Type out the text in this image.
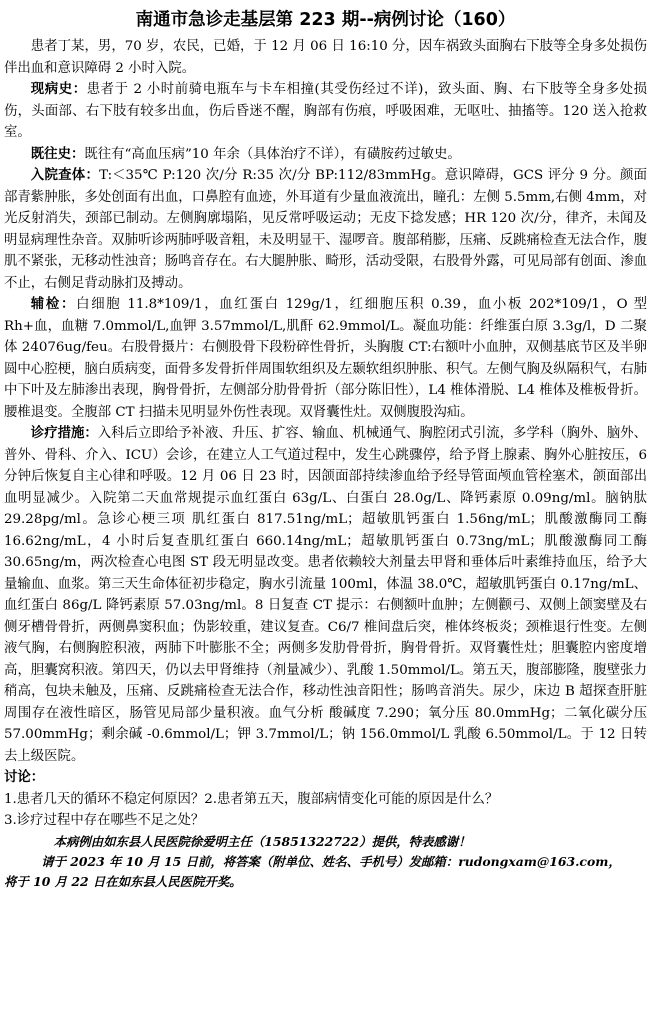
南通市急诊走基层第 223 期--病例讨论（160）

患者丁某，男，70 岁，农民，已婚，于 12 月 06 日 16:10 分，因车祸致头面胸右下肢等全身多处损伤伴出血和意识障碍 2 小时入院。

现病史：患者于 2 小时前骑电瓶车与卡车相撞(其受伤经过不详)，致头面、胸、右下肢等全身多处损伤，头面部、右下肢有较多出血，伤后昏迷不醒，胸部有伤痕，呼吸困难，无呕吐、抽搐等。120 送入抢救室。

既往史：既往有“高血压病”10 年余（具体治疗不详），有磺胺药过敏史。

入院查体：T:＜35℃ P:120 次/分 R:35 次/分 BP:112/83mmHg。意识障碍，GCS 评分 9 分。颜面部青紫肿胀，多处创面有出血，口鼻腔有血迹，外耳道有少量血液流出，瞳孔：左侧 5.5mm,右侧 4mm，对光反射消失，颈部已制动。左侧胸廓塌陷，见反常呼吸运动；无皮下捻发感；HR 120 次/分，律齐，未闻及明显病理性杂音。双肺听诊两肺呼吸音粗，未及明显干、湿啰音。腹部稍膨，压痛、反跳痛检查无法合作，腹肌不紧张，无移动性浊音；肠鸣音存在。右大腿肿胀、畸形，活动受限，右股骨外露，可见局部有创面、渗血不止，右侧足背动脉扪及搏动。

辅检：白细胞 11.8*109/1，血红蛋白 129g/1，红细胞压积 0.39，血小板 202*109/1，O 型 Rh+血，血糖 7.0mmol/L,血钾 3.57mmol/L,肌酐 62.9mmol/L。凝血功能：纤维蛋白原 3.3g/l，D 二聚体 24076ug/feu。右股骨摄片：右侧股骨下段粉碎性骨折，头胸腹 CT:右额叶小血肿，双侧基底节区及半卵圆中心腔梗，脑白质病变，面骨多发骨折伴周围软组织及左颞软组织肿胀、积气。左侧气胸及纵隔积气，右肺中下叶及左肺渗出表现，胸骨骨折，左侧部分肋骨骨折（部分陈旧性），L4 椎体滑脱、L4 椎体及椎板骨折。腰椎退变。全腹部 CT 扫描未见明显外伤性表现。双肾囊性灶。双侧腹股沟疝。

诊疗措施：入科后立即给予补液、升压、扩容、输血、机械通气、胸腔闭式引流，多学科（胸外、脑外、普外、骨科、介入、ICU）会诊，在建立人工气道过程中，发生心跳骤停，给予肾上腺素、胸外心脏按压，6 分钟后恢复自主心律和呼吸。12 月 06 日 23 时，因颌面部持续渗血给予经导管面颅血管栓塞术，颌面部出血明显减少。入院第二天血常规提示血红蛋白 63g/L、白蛋白 28.0g/L、降钙素原 0.09ng/ml。脑钠肽 29.28pg/ml。急诊心梗三项 肌红蛋白 817.51ng/mL；超敏肌钙蛋白 1.56ng/mL；肌酸激酶同工酶 16.62ng/mL，4 小时后复查肌红蛋白 660.14ng/mL；超敏肌钙蛋白 0.73ng/mL；肌酸激酶同工酶 30.65ng/m，两次检查心电图 ST 段无明显改变。患者依赖较大剂量去甲肾和垂体后叶素维持血压，给予大量输血、血浆。第三天生命体征初步稳定，胸水引流量 100ml，体温 38.0℃，超敏肌钙蛋白 0.17ng/mL、血红蛋白 86g/L 降钙素原 57.03ng/ml。8 日复查 CT 提示：右侧额叶血肿；左侧颧弓、双侧上颌窦壁及右侧牙槽骨骨折，两侧鼻窦积血；伪影较重，建议复查。C6/7 椎间盘后突，椎体终板炎；颈椎退行性变。左侧液气胸，右侧胸腔积液，两肺下叶膨胀不全；两侧多发肋骨骨折，胸骨骨折。双肾囊性灶；胆囊腔内密度增高，胆囊窝积液。第四天，仍以去甲肾维持（剂量减少）、乳酸 1.50mmol/L。第五天，腹部膨隆，腹壁张力稍高，包块未触及，压痛、反跳痛检查无法合作，移动性浊音阳性；肠鸣音消失。尿少，床边 B 超探查肝脏周围存在液性暗区，肠管见局部少量积液。血气分析 酸碱度 7.290；氧分压 80.0mmHg；二氧化碳分压 57.00mmHg；剩余碱 -0.6mmol/L；钾 3.7mmol/L；钠 156.0mmol/L 乳酸 6.50mmol/L。于 12 日转去上级医院。

讨论：

1.患者几天的循环不稳定何原因？2.患者第五天，腹部病情变化可能的原因是什么？

3.诊疗过程中存在哪些不足之处？

本病例由如东县人民医院徐爱明主任（15851322722）提供，特表感谢！

请于 2023 年 10 月 15 日前，将答案（附单位、姓名、手机号）发邮箱：rudongxam@163.com，

将于 10 月 22 日在如东县人民医院开奖。
